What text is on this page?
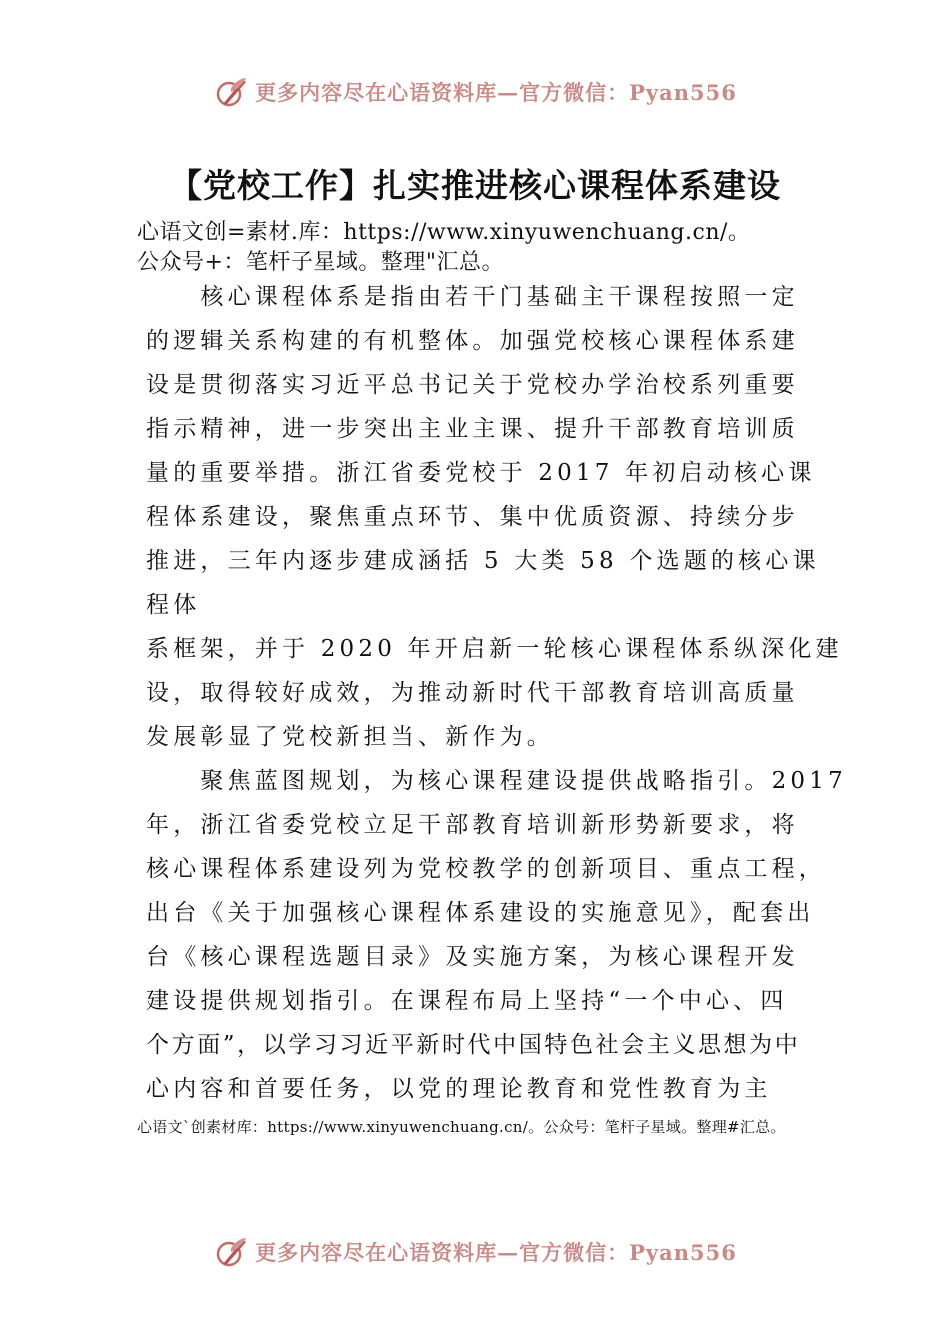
更多内容尽在心语资料库—官方微信：Pyan556
【党校工作】扎实推进核心课程体系建设
心语文创=素材.库：https://www.xinyuwenchuang.cn/。
公众号+：笔杆子星域。整理"汇总。
　　核心课程体系是指由若干门基础主干课程按照一定
的逻辑关系构建的有机整体。加强党校核心课程体系建
设是贯彻落实习近平总书记关于党校办学治校系列重要
指示精神，进一步突出主业主课、提升干部教育培训质
量的重要举措。浙江省委党校于 2017 年初启动核心课
程体系建设，聚焦重点环节、集中优质资源、持续分步
推进，三年内逐步建成涵括 5 大类 58 个选题的核心课
程体
系框架，并于 2020 年开启新一轮核心课程体系纵深化建
设，取得较好成效，为推动新时代干部教育培训高质量
发展彰显了党校新担当、新作为。
　　聚焦蓝图规划，为核心课程建设提供战略指引。2017
年，浙江省委党校立足干部教育培训新形势新要求，将
核心课程体系建设列为党校教学的创新项目、重点工程，
出台《关于加强核心课程体系建设的实施意见》，配套出
台《核心课程选题目录》及实施方案，为核心课程开发
建设提供规划指引。在课程布局上坚持“一个中心、四
个方面”，以学习习近平新时代中国特色社会主义思想为中
心内容和首要任务，以党的理论教育和党性教育为主
心语文`创素材库：https://www.xinyuwenchuang.cn/。公众号：笔杆子星域。整理#汇总。
更多内容尽在心语资料库—官方微信：Pyan556
